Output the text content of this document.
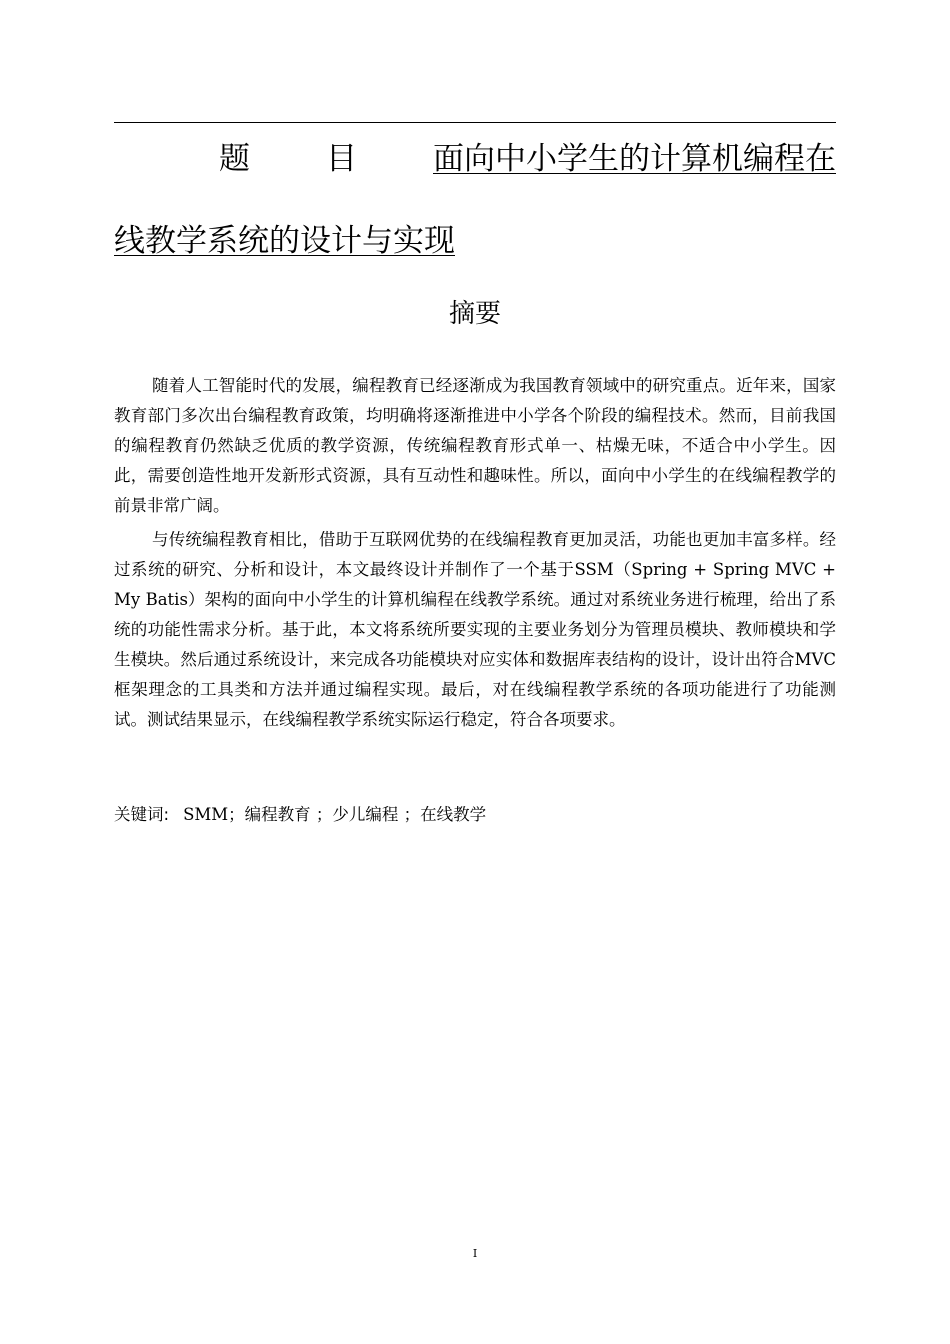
题 目	面向中小学生的计算机编程在
线教学系统的设计与实现
摘要

随着人工智能时代的发展，编程教育已经逐渐成为我国教育领域中的研究重点。近年来，国家教育部门多次出台编程教育政策，均明确将逐渐推进中小学各个阶段的编程技术。然而，目前我国的编程教育仍然缺乏优质的教学资源，传统编程教育形式单一、枯燥无味，不适合中小学生。因此，需要创造性地开发新形式资源，具有互动性和趣味性。所以，面向中小学生的在线编程教学的前景非常广阔。

与传统编程教育相比，借助于互联网优势的在线编程教育更加灵活，功能也更加丰富多样。经过系统的研究、分析和设计，本文最终设计并制作了一个基于SSM（Spring + Spring MVC + My Batis）架构的面向中小学生的计算机编程在线教学系统。通过对系统业务进行梳理，给出了系统的功能性需求分析。基于此，本文将系统所要实现的主要业务划分为管理员模块、教师模块和学生模块。然后通过系统设计，来完成各功能模块对应实体和数据库表结构的设计，设计出符合MVC框架理念的工具类和方法并通过编程实现。最后，对在线编程教学系统的各项功能进行了功能测试。测试结果显示，在线编程教学系统实际运行稳定，符合各项要求。

关键词: SMM；编程教育 ；少儿编程 ；在线教学
I
